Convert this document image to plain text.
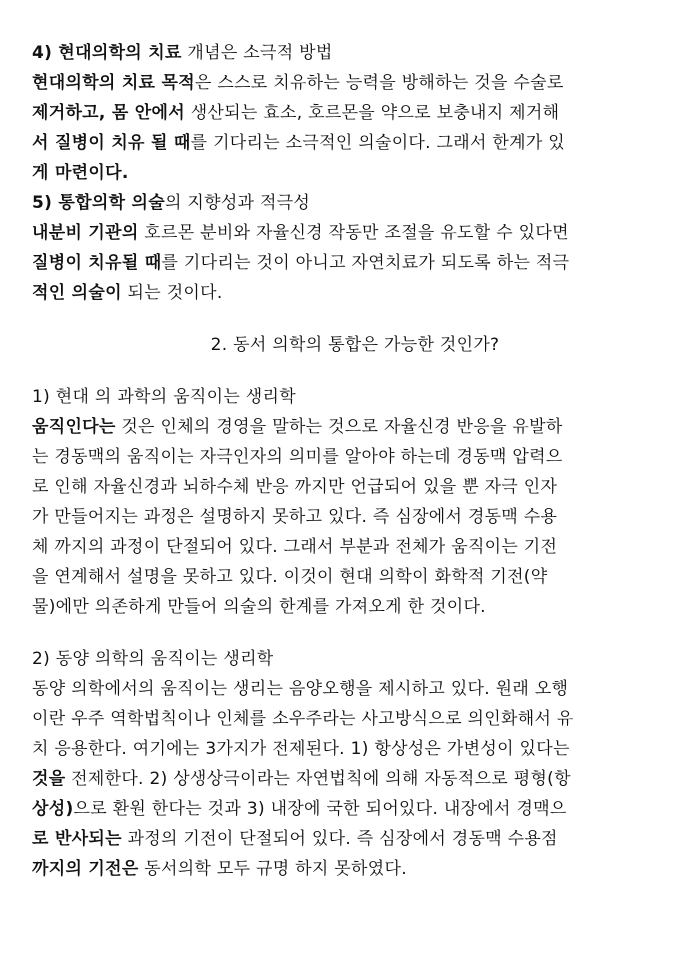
4) 현대의학의 치료 개념은 소극적 방법
현대의학의 치료 목적은 스스로 치유하는 능력을 방해하는 것을 수술로
제거하고, 몸 안에서 생산되는 효소, 호르몬을 약으로 보충내지 제거해
서 질병이 치유 될 때를 기다리는 소극적인 의술이다. 그래서 한계가 있
게 마련이다.
5) 통합의학 의술의 지향성과 적극성
내분비 기관의 호르몬 분비와 자율신경 작동만 조절을 유도할 수 있다면
질병이 치유될 때를 기다리는 것이 아니고 자연치료가 되도록 하는 적극
적인 의술이 되는 것이다.
2. 동서 의학의 통합은 가능한 것인가?
1) 현대 의 과학의 움직이는 생리학
움직인다는 것은 인체의 경영을 말하는 것으로 자율신경 반응을 유발하
는 경동맥의 움직이는 자극인자의 의미를 알아야 하는데 경동맥 압력으
로 인해 자율신경과 뇌하수체 반응 까지만 언급되어 있을 뿐 자극 인자
가 만들어지는 과정은 설명하지 못하고 있다. 즉 심장에서 경동맥 수용
체 까지의 과정이 단절되어 있다. 그래서 부분과 전체가 움직이는 기전
을 연계해서 설명을 못하고 있다. 이것이 현대 의학이 화학적 기전(약
물)에만 의존하게 만들어 의술의 한계를 가져오게 한 것이다.
2) 동양 의학의 움직이는 생리학
동양 의학에서의 움직이는 생리는 음양오행을 제시하고 있다. 원래 오행
이란 우주 역학법칙이나 인체를 소우주라는 사고방식으로 의인화해서 유
치 응용한다. 여기에는 3가지가 전제된다. 1) 항상성은 가변성이 있다는
것을 전제한다. 2) 상생상극이라는 자연법칙에 의해 자동적으로 평형(항
상성)으로 환원 한다는 것과 3) 내장에 국한 되어있다. 내장에서 경맥으
로 반사되는 과정의 기전이 단절되어 있다. 즉 심장에서 경동맥 수용점
까지의 기전은 동서의학 모두 규명 하지 못하였다.
